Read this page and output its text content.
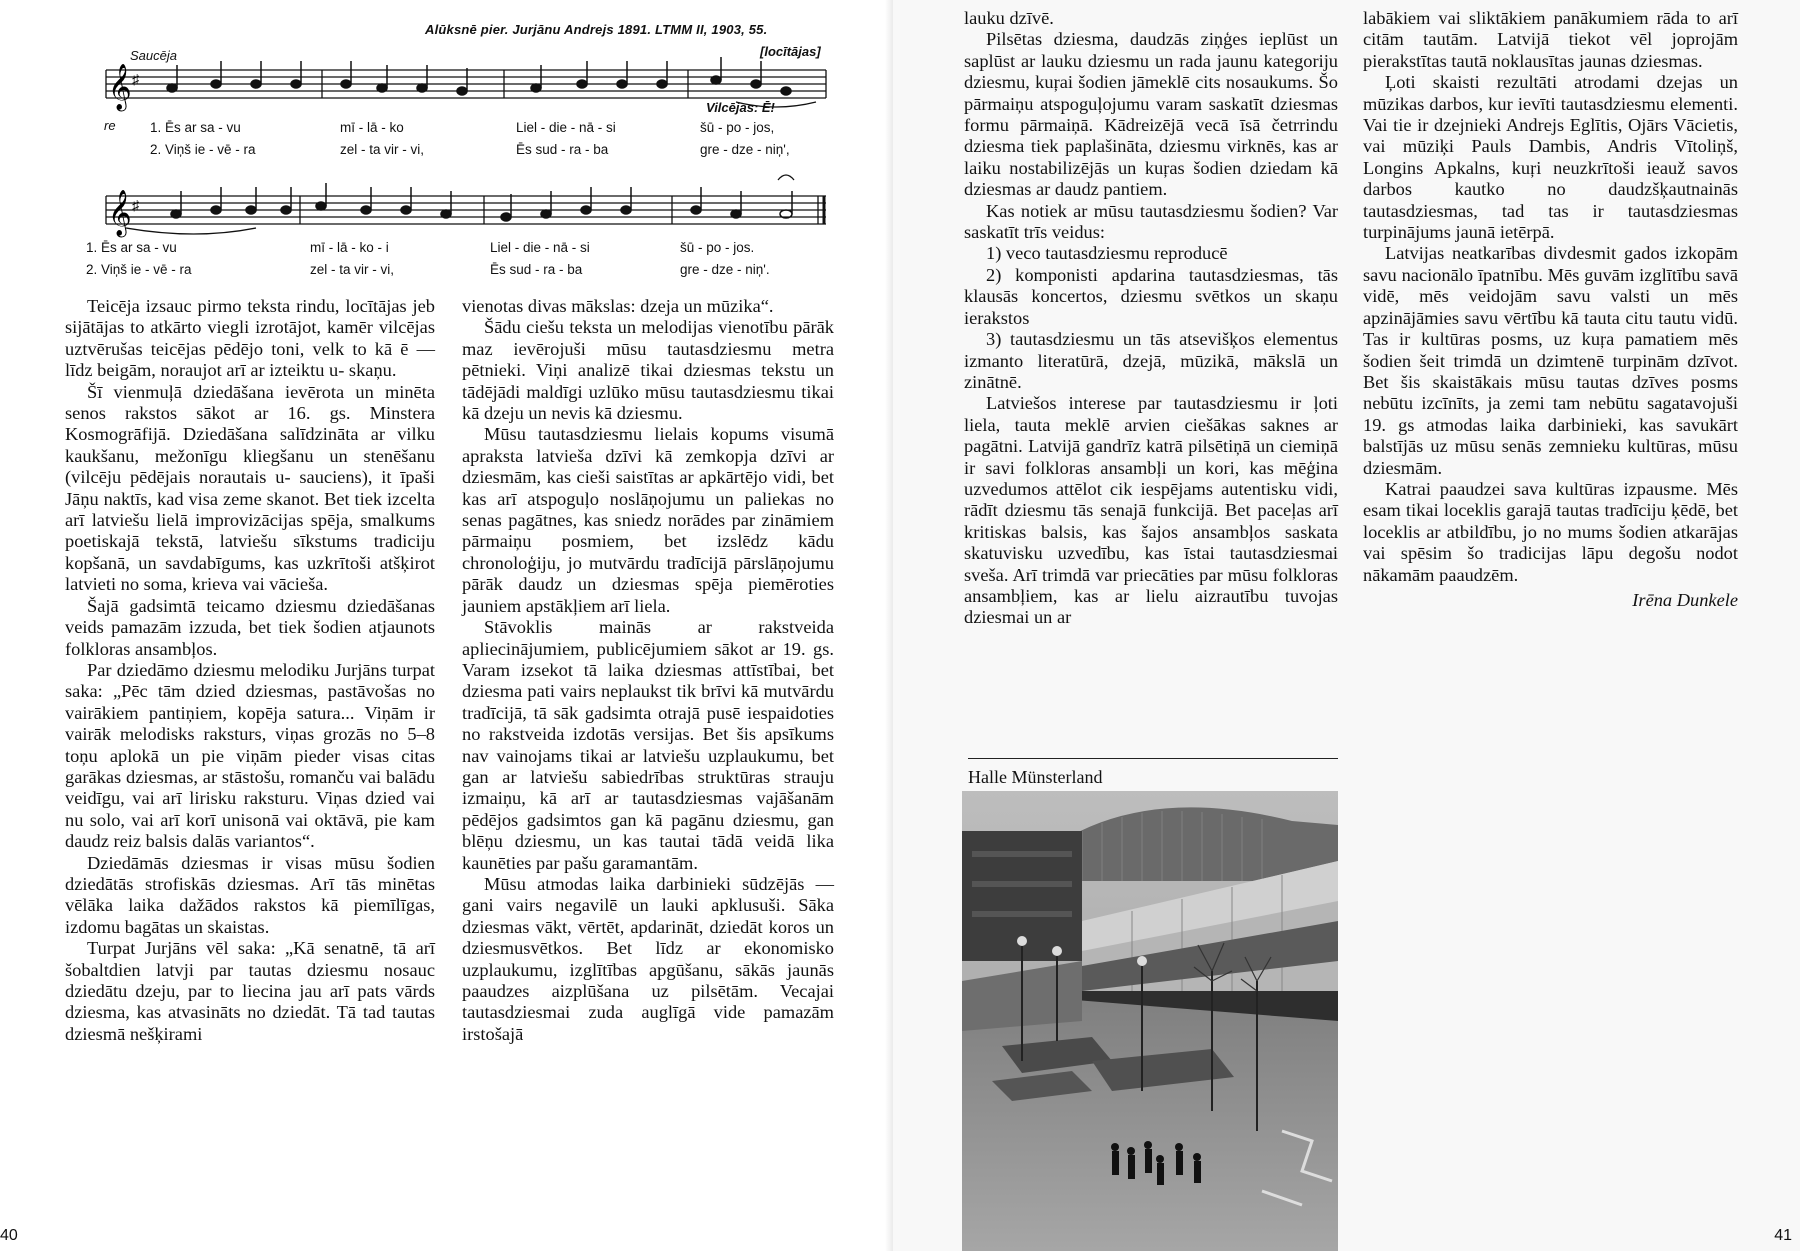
Alūksnē pier. Jurjānu Andrejs 1891. LTMM II, 1903, 55.
𝄞 ♯
Saucēja	[locītājas]
Vilcējas: Ē!
re	1. Ēs ar sa - vu	mī - lā - ko	Liel - die - nā - si	šū - po - jos,
2. Viņš ie - vē - ra	zel - ta vir - vi,	Ēs sud - ra - ba	gre - dze - niņ',
𝄞 ♯
1. Ēs ar sa - vu	mī - lā - ko - i	Liel - die - nā - si	šū - po - jos.
2. Viņš ie - vē - ra	zel - ta vir - vi,	Ēs sud - ra - ba	gre - dze - niņ'.

Teicēja izsauc pirmo teksta rindu, locītājas jeb sijātājas to atkārto viegli izrotājot, kamēr vilcējas uztvērušas teicējas pēdējo toni, velk to kā ē — līdz beigām, noraujot arī ar izteiktu u- skaņu.

Šī vienmuļā dziedāšana ievērota un minēta senos rakstos sākot ar 16. gs. Minstera Kosmogrāfijā. Dziedāšana salīdzināta ar vilku kaukšanu, mežonīgu kliegšanu un stenēšanu (vilcēju pēdējais norautais u- sauciens), it īpaši Jāņu naktīs, kad visa zeme skanot. Bet tiek izcelta arī latviešu lielā improvizācijas spēja, smalkums poetiskajā tekstā, latviešu sīkstums tradiciju kopšanā, un savdabīgums, kas uzkrītoši atšķirot latvieti no soma, krieva vai vācieša.

Šajā gadsimtā teicamo dziesmu dziedāšanas veids pamazām izzuda, bet tiek šodien atjaunots folkloras ansambļos.

Par dziedāmo dziesmu melodiku Jurjāns turpat saka: „Pēc tām dzied dziesmas, pastāvošas no vairākiem pantiņiem, kopēja satura... Viņām ir vairāk melodisks raksturs, viņas grozās no 5–8 toņu aplokā un pie viņām pieder visas citas garākas dziesmas, ar stāstošu, romanču vai balādu veidīgu, vai arī lirisku raksturu. Viņas dzied vai nu solo, vai arī korī unisonā vai oktāvā, pie kam daudz reiz balsis dalās variantos“.

Dziedāmās dziesmas ir visas mūsu šodien dziedātās strofiskās dziesmas. Arī tās minētas vēlāka laika dažādos rakstos kā piemīlīgas, izdomu bagātas un skaistas.

Turpat Jurjāns vēl saka: „Kā senatnē, tā arī šobaltdien latvji par tautas dziesmu nosauc dziedātu dzeju, par to liecina jau arī pats vārds dziesma, kas atvasināts no dziedāt. Tā tad tautas dziesmā nešķirami

vienotas divas mākslas: dzeja un mūzika“.

Šādu ciešu teksta un melodijas vienotību pārāk maz ievērojuši mūsu tautasdziesmu metra pētnieki. Viņi analizē tikai dziesmas tekstu un tādējādi maldīgi uzlūko mūsu tautasdziesmu tikai kā dzeju un nevis kā dziesmu.

Mūsu tautasdziesmu lielais kopums visumā apraksta latvieša dzīvi kā zemkopja dzīvi ar dziesmām, kas cieši saistītas ar apkārtējo vidi, bet kas arī atspoguļo noslāņojumu un paliekas no senas pagātnes, kas sniedz norādes par zināmiem pārmaiņu posmiem, bet izslēdz kādu chronoloģiju, jo mutvārdu tradīcijā pārslāņojumu pārāk daudz un dziesmas spēja piemēroties jauniem apstākļiem arī liela.

Stāvoklis mainās ar rakstveida apliecinājumiem, publicējumiem sākot ar 19. gs. Varam izsekot tā laika dziesmas attīstībai, bet dziesma pati vairs neplaukst tik brīvi kā mutvārdu tradīcijā, tā sāk gadsimta otrajā pusē iespaidoties no rakstveida izdotās versijas. Bet šis apsīkums nav vainojams tikai ar latviešu uzplaukumu, bet gan ar latviešu sabiedrības struktūras strauju izmaiņu, kā arī ar tautasdziesmas vajāšanām pēdējos gadsimtos gan kā pagānu dziesmu, gan blēņu dziesmu, un kas tautai tādā veidā lika kaunēties par pašu garamantām.

Mūsu atmodas laika darbinieki sūdzējās — gani vairs negavilē un lauki apklusuši. Sāka dziesmas vākt, vērtēt, apdarināt, dziedāt koros un dziesmusvētkos. Bet līdz ar ekonomisko uzplaukumu, izglītības apgūšanu, sākās jaunās paaudzes aizplūšana uz pilsētām. Vecajai tautasdziesmai zuda auglīgā vide pamazām irstošajā

40

lauku dzīvē.

Pilsētas dziesma, daudzās ziņģes ieplūst un saplūst ar lauku dziesmu un rada jaunu kategoriju dziesmu, kuŗai šodien jāmeklē cits nosaukums. Šo pārmaiņu atspoguļojumu varam saskatīt dziesmas formu pārmaiņā. Kādreizējā vecā īsā četrrindu dziesma tiek paplašināta, dziesmu virknēs, kas ar laiku nostabilizējās un kuŗas šodien dziedam kā dziesmas ar daudz pantiem.

Kas notiek ar mūsu tautasdziesmu šodien? Var saskatīt trīs veidus:

1) veco tautasdziesmu reproducē

2) komponisti apdarina tautasdziesmas, tās klausās koncertos, dziesmu svētkos un skaņu ierakstos

3) tautasdziesmu un tās atsevišķos elementus izmanto literatūrā, dzejā, mūzikā, mākslā un zinātnē.

Latviešos interese par tautasdziesmu ir ļoti liela, tauta meklē arvien ciešākas saknes ar pagātni. Latvijā gandrīz katrā pilsētiņā un ciemiņā ir savi folkloras ansambļi un kori, kas mēģina uzvedumos attēlot cik iespējams autentisku vidi, rādīt dziesmu tās senajā funkcijā. Bet paceļas arī kritiskas balsis, kas šajos ansambļos saskata skatuvisku uzvedību, kas īstai tautasdziesmai sveša. Arī trimdā var priecāties par mūsu folkloras ansambļiem, kas ar lielu aizrautību tuvojas dziesmai un ar

labākiem vai sliktākiem panākumiem rāda to arī citām tautām. Latvijā tiekot vēl joprojām pierakstītas tautā noklausītas jaunas dziesmas.

Ļoti skaisti rezultāti atrodami dzejas un mūzikas darbos, kur ievīti tautasdziesmu elementi. Vai tie ir dzejnieki Andrejs Eglītis, Ojārs Vācietis, vai mūziķi Pauls Dambis, Andris Vītoliņš, Longins Apkalns, kuŗi neuzkrītoši ieauž savos darbos kautko no daudzšķautnainās tautasdziesmas, tad tas ir tautasdziesmas turpinājums jaunā ietērpā.

Latvijas neatkarības divdesmit gados izkopām savu nacionālo īpatnību. Mēs guvām izglītību savā vidē, mēs veidojām savu valsti un mēs apzinājāmies savu vērtību kā tauta citu tautu vidū. Tas ir kultūras posms, uz kuŗa pamatiem mēs šodien šeit trimdā un dzimtenē turpinām dzīvot. Bet šis skaistākais mūsu tautas dzīves posms nebūtu izcīnīts, ja zemi tam nebūtu sagatavojuši 19. gs atmodas laika darbinieki, kas savukārt balstījās uz mūsu senās zemnieku kultūras, mūsu dziesmām.

Katrai paaudzei sava kultūras izpausme. Mēs esam tikai loceklis garajā tautas tradīciju ķēdē, bet loceklis ar atbildību, jo no mums šodien atkarājas vai spēsim šo tradicijas lāpu degošu nodot nākamām paaudzēm.

Irēna Dunkele

41
Halle Münsterland
